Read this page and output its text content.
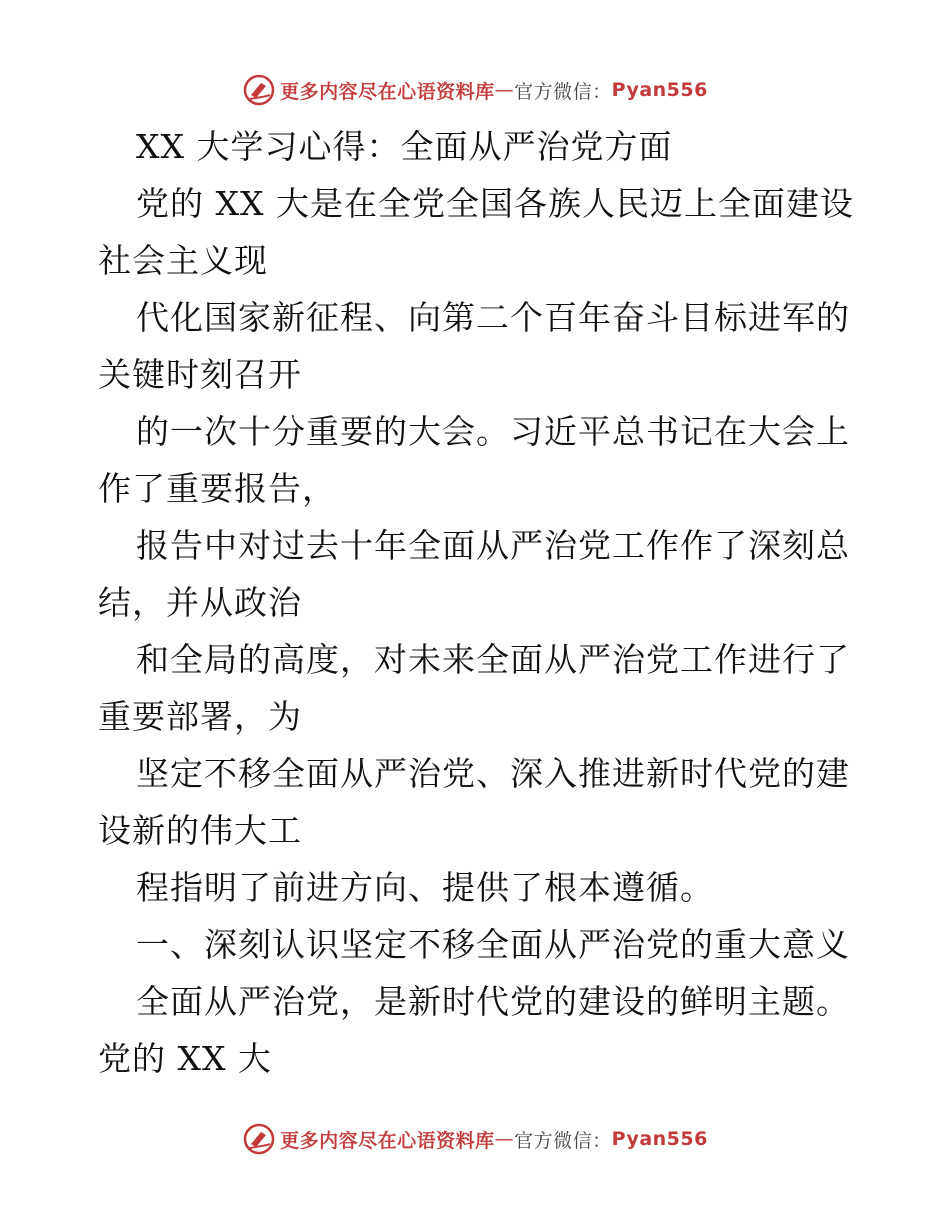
更多内容尽在心语资料库 — 官方微信： Pyan556
XX 大学习心得：全面从严治党方面
党的 XX 大是在全党全国各族人民迈上全面建设
社会主义现
代化国家新征程、向第二个百年奋斗目标进军的
关键时刻召开
的一次十分重要的大会。习近平总书记在大会上
作了重要报告，
报告中对过去十年全面从严治党工作作了深刻总
结，并从政治
和全局的高度，对未来全面从严治党工作进行了
重要部署，为
坚定不移全面从严治党、深入推进新时代党的建
设新的伟大工
程指明了前进方向、提供了根本遵循。
一、深刻认识坚定不移全面从严治党的重大意义
全面从严治党，是新时代党的建设的鲜明主题。
党的 XX 大
更多内容尽在心语资料库 — 官方微信： Pyan556
